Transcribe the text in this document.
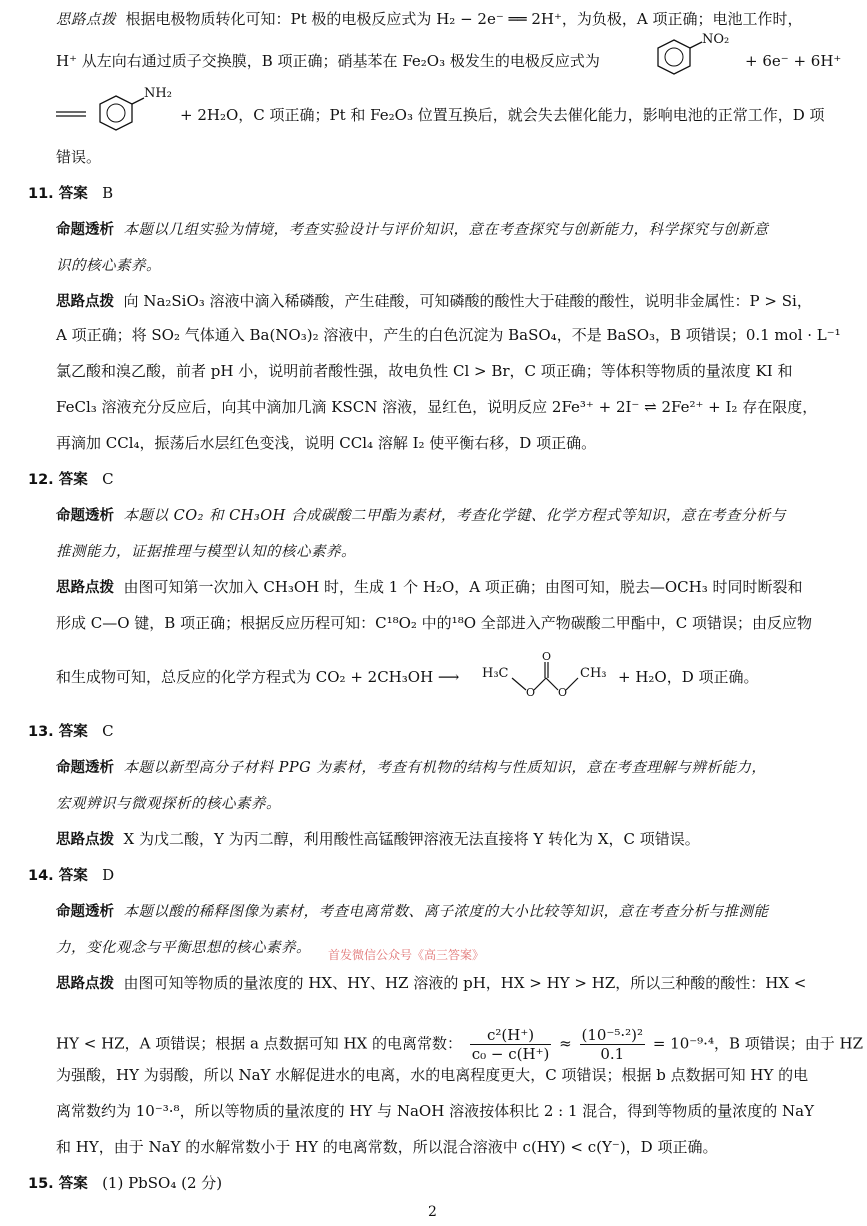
思路点拨 根据电极物质转化可知：Pt 极的电极反应式为 H₂ − 2e⁻ ══ 2H⁺，为负极，A 项正确；电池工作时，
H⁺ 从左向右通过质子交换膜，B 项正确；硝基苯在 Fe₂O₃ 极发生的电极反应式为
NO₂
+ 6e⁻ + 6H⁺
NH₂
+ 2H₂O，C 项正确；Pt 和 Fe₂O₃ 位置互换后，就会失去催化能力，影响电池的正常工作，D 项
错误。
11. 答案 B
命题透析 本题以几组实验为情境，考查实验设计与评价知识，意在考查探究与创新能力，科学探究与创新意
识的核心素养。
思路点拨 向 Na₂SiO₃ 溶液中滴入稀磷酸，产生硅酸，可知磷酸的酸性大于硅酸的酸性，说明非金属性：P > Si，
A 项正确；将 SO₂ 气体通入 Ba(NO₃)₂ 溶液中，产生的白色沉淀为 BaSO₄，不是 BaSO₃，B 项错误；0.1 mol · L⁻¹
氯乙酸和溴乙酸，前者 pH 小，说明前者酸性强，故电负性 Cl > Br，C 项正确；等体积等物质的量浓度 KI 和
FeCl₃ 溶液充分反应后，向其中滴加几滴 KSCN 溶液，显红色，说明反应 2Fe³⁺ + 2I⁻ ⇌ 2Fe²⁺ + I₂ 存在限度，
再滴加 CCl₄，振荡后水层红色变浅，说明 CCl₄ 溶解 I₂ 使平衡右移，D 项正确。
12. 答案 C
命题透析 本题以 CO₂ 和 CH₃OH 合成碳酸二甲酯为素材，考查化学键、化学方程式等知识，意在考查分析与
推测能力，证据推理与模型认知的核心素养。
思路点拨 由图可知第一次加入 CH₃OH 时，生成 1 个 H₂O，A 项正确；由图可知，脱去—OCH₃ 时同时断裂和
形成 C—O 键，B 项正确；根据反应历程可知：C¹⁸O₂ 中的¹⁸O 全部进入产物碳酸二甲酯中，C 项错误；由反应物
和生成物可知，总反应的化学方程式为 CO₂ + 2CH₃OH ⟶ H₃C
O
O
O
CH₃ + H₂O，D 项正确。
13. 答案 C
命题透析 本题以新型高分子材料 PPG 为素材，考查有机物的结构与性质知识，意在考查理解与辨析能力，
宏观辨识与微观探析的核心素养。
思路点拨 X 为戊二酸，Y 为丙二醇，利用酸性高锰酸钾溶液无法直接将 Y 转化为 X，C 项错误。
14. 答案 D
命题透析 本题以酸的稀释图像为素材，考查电离常数、离子浓度的大小比较等知识，意在考查分析与推测能
力，变化观念与平衡思想的核心素养。 首发微信公众号《高三答案》
思路点拨 由图可知等物质的量浓度的 HX、HY、HZ 溶液的 pH，HX > HY > HZ，所以三种酸的酸性：HX <
HY < HZ，A 项错误；根据 a 点数据可知 HX 的电离常数： $\frac{\text{c²(H⁺)}}{\text{c₀ − c(H⁺)}} \approx \frac{\text{(10⁻⁵·²)²}}{0.1} = 10^{-9}\cdot^4$，B 项错误；由于 HZ
为强酸，HY 为弱酸，所以 NaY 水解促进水的电离，水的电离程度更大，C 项错误；根据 b 点数据可知 HY 的电
离常数约为 10⁻³·⁸，所以等物质的量浓度的 HY 与 NaOH 溶液按体积比 2 : 1 混合，得到等物质的量浓度的 NaY
和 HY，由于 NaY 的水解常数小于 HY 的电离常数，所以混合溶液中 c(HY) < c(Y⁻)，D 项正确。
15. 答案 (1) PbSO₄ (2 分)
2
